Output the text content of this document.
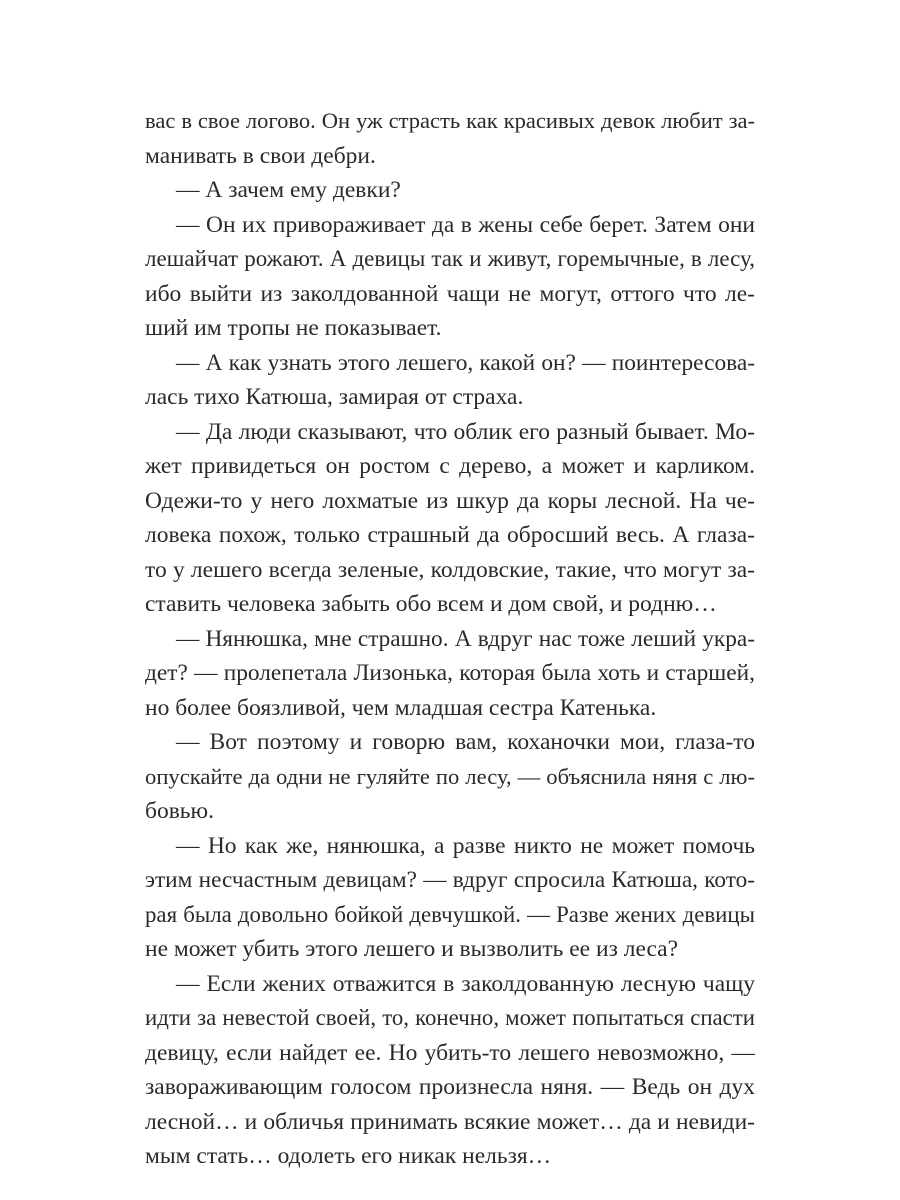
вас в свое логово. Он уж страсть как красивых девок любит за-
манивать в свои дебри.
— А зачем ему девки?
— Он их привораживает да в жены себе берет. Затем они
лешайчат рожают. А девицы так и живут, горемычные, в лесу,
ибо выйти из заколдованной чащи не могут, оттого что ле-
ший им тропы не показывает.
— А как узнать этого лешего, какой он? — поинтересова-
лась тихо Катюша, замирая от страха.
— Да люди сказывают, что облик его разный бывает. Мо-
жет привидеться он ростом с дерево, а может и карликом.
Одежи-то у него лохматые из шкур да коры лесной. На че-
ловека похож, только страшный да обросший весь. А глаза-
то у лешего всегда зеленые, колдовские, такие, что могут за-
ставить человека забыть обо всем и дом свой, и родню…
— Нянюшка, мне страшно. А вдруг нас тоже леший укра-
дет? — пролепетала Лизонька, которая была хоть и старшей,
но более боязливой, чем младшая сестра Катенька.
— Вот поэтому и говорю вам, коханочки мои, глаза-то
опускайте да одни не гуляйте по лесу, — объяснила няня с лю-
бовью.
— Но как же, нянюшка, а разве никто не может помочь
этим несчастным девицам? — вдруг спросила Катюша, кото-
рая была довольно бойкой девчушкой. — Разве жених девицы
не может убить этого лешего и вызволить ее из леса?
— Если жених отважится в заколдованную лесную чащу
идти за невестой своей, то, конечно, может попытаться спасти
девицу, если найдет ее. Но убить-то лешего невозможно, —
завораживающим голосом произнесла няня. — Ведь он дух
лесной… и обличья принимать всякие может… да и невиди-
мым стать… одолеть его никак нельзя…
